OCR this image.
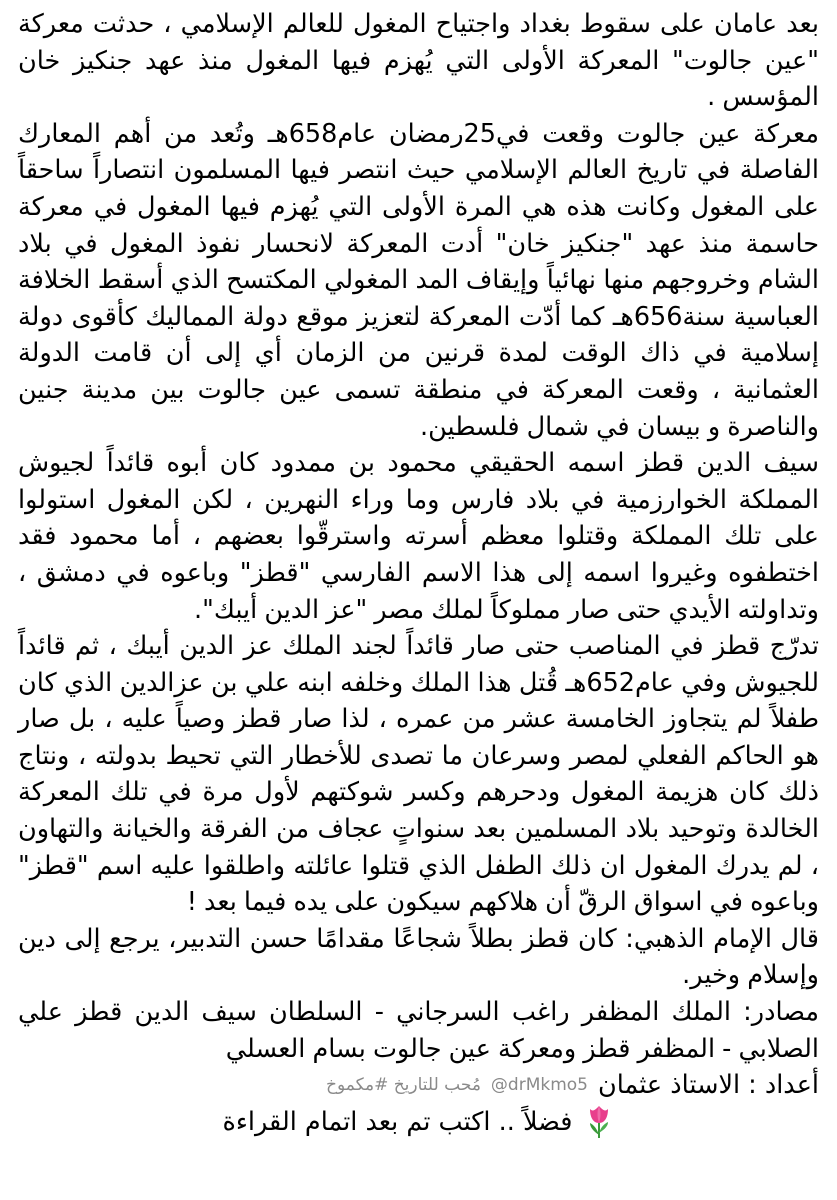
بعد عامان على سقوط بغداد واجتياح المغول للعالم الإسلامي ، حدثت معركة "عين جالوت" المعركة الأولى التي يُهزم فيها المغول منذ عهد جنكيز خان المؤسس .

معركة عين جالوت وقعت في25رمضان عام658هـ وتُعد من أهم المعارك الفاصلة في تاريخ العالم الإسلامي حيث انتصر فيها المسلمون انتصاراً ساحقاً على المغول وكانت هذه هي المرة الأولى التي يُهزم فيها المغول في معركة حاسمة منذ عهد "جنكيز خان" أدت المعركة لانحسار نفوذ المغول في بلاد الشام وخروجهم منها نهائياً وإيقاف المد المغولي المكتسح الذي أسقط الخلافة العباسية سنة656هـ كما أدّت المعركة لتعزيز موقع دولة المماليك كأقوى دولة إسلامية في ذاك الوقت لمدة قرنين من الزمان أي إلى أن قامت الدولة العثمانية ، وقعت المعركة في منطقة تسمى عين جالوت بين مدينة جنين والناصرة و بيسان في شمال فلسطين.

سيف الدين قطز اسمه الحقيقي محمود بن ممدود كان أبوه قائداً لجيوش المملكة الخوارزمية في بلاد فارس وما وراء النهرين ، لكن المغول استولوا على تلك المملكة وقتلوا معظم أسرته واسترقّوا بعضهم ، أما محمود فقد اختطفوه وغيروا اسمه إلى هذا الاسم الفارسي "قطز" وباعوه في دمشق ، وتداولته الأيدي حتى صار مملوكاً لملك مصر "عز الدين أيبك".

تدرّج قطز في المناصب حتى صار قائداً لجند الملك عز الدين أيبك ، ثم قائداً للجيوش وفي عام652هـ قُتل هذا الملك وخلفه ابنه علي بن عزالدين الذي كان طفلاً لم يتجاوز الخامسة عشر من عمره ، لذا صار قطز وصياً عليه ، بل صار هو الحاكم الفعلي لمصر وسرعان ما تصدى للأخطار التي تحيط بدولته ، ونتاج ذلك كان هزيمة المغول ودحرهم وكسر شوكتهم لأول مرة في تلك المعركة الخالدة وتوحيد بلاد المسلمين بعد سنواتٍ عجاف من الفرقة والخيانة والتهاون ، لم يدرك المغول ان ذلك الطفل الذي قتلوا عائلته واطلقوا عليه اسم "قطز" وباعوه في اسواق الرقّ أن هلاكهم سيكون على يده فيما بعد !

قال الإمام الذهبي: كان قطز بطلاً شجاعًا مقدامًا حسن التدبير، يرجع إلى دين وإسلام وخير.

مصادر: الملك المظفر راغب السرجاني - السلطان سيف الدين قطز علي الصلابي - المظفر قطز ومعركة عين جالوت بسام العسلي

أعداد : الاستاذ عثمان
@drMkmo5
مُحب للتاريخ #مكموخ
فضلاً .. اكتب تم بعد اتمام القراءة
